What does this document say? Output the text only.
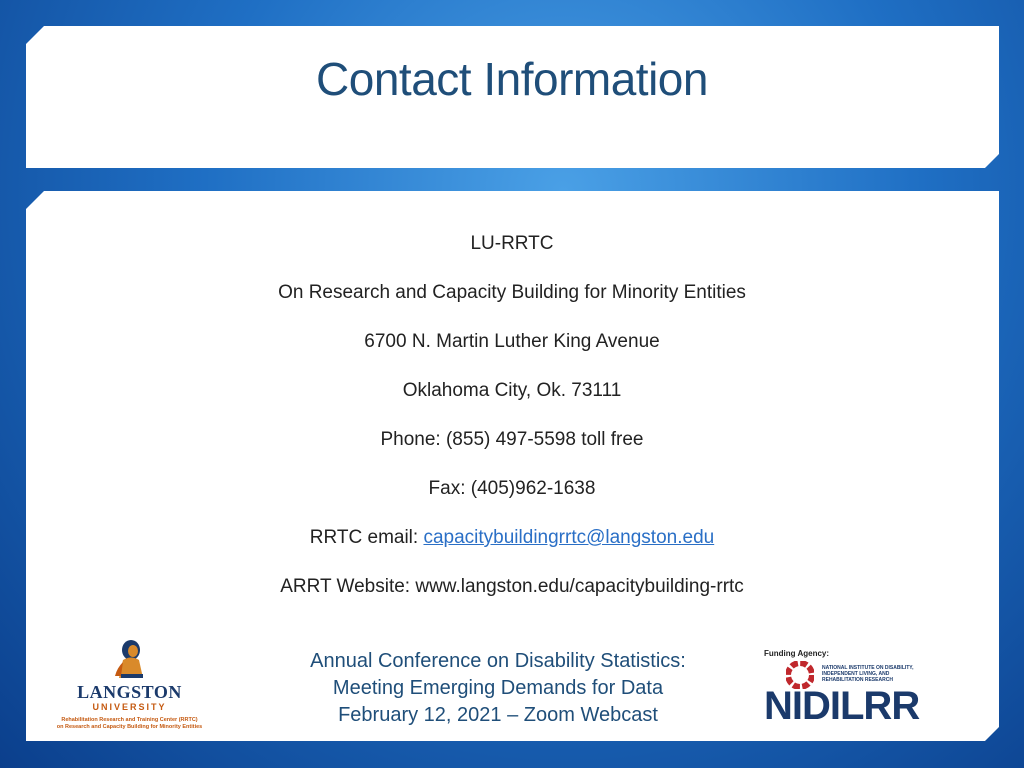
Contact Information
LU-RRTC
On Research and Capacity Building for Minority Entities
6700 N. Martin Luther King Avenue
Oklahoma City, Ok. 73111
Phone: (855) 497-5598 toll free
Fax: (405)962-1638
RRTC email: capacitybuildingrrtc@langston.edu
ARRT Website: www.langston.edu/capacitybuilding-rrtc
Annual Conference on Disability Statistics:
Meeting Emerging Demands for Data
February 12, 2021 – Zoom Webcast
LANGSTON
UNIVERSITY
Rehabilitation Research and Training Center (RRTC)
on Research and Capacity Building for Minority Entities
Funding Agency:
NATIONAL INSTITUTE ON DISABILITY,
INDEPENDENT LIVING, AND
REHABILITATION RESEARCH
NIDILRR
